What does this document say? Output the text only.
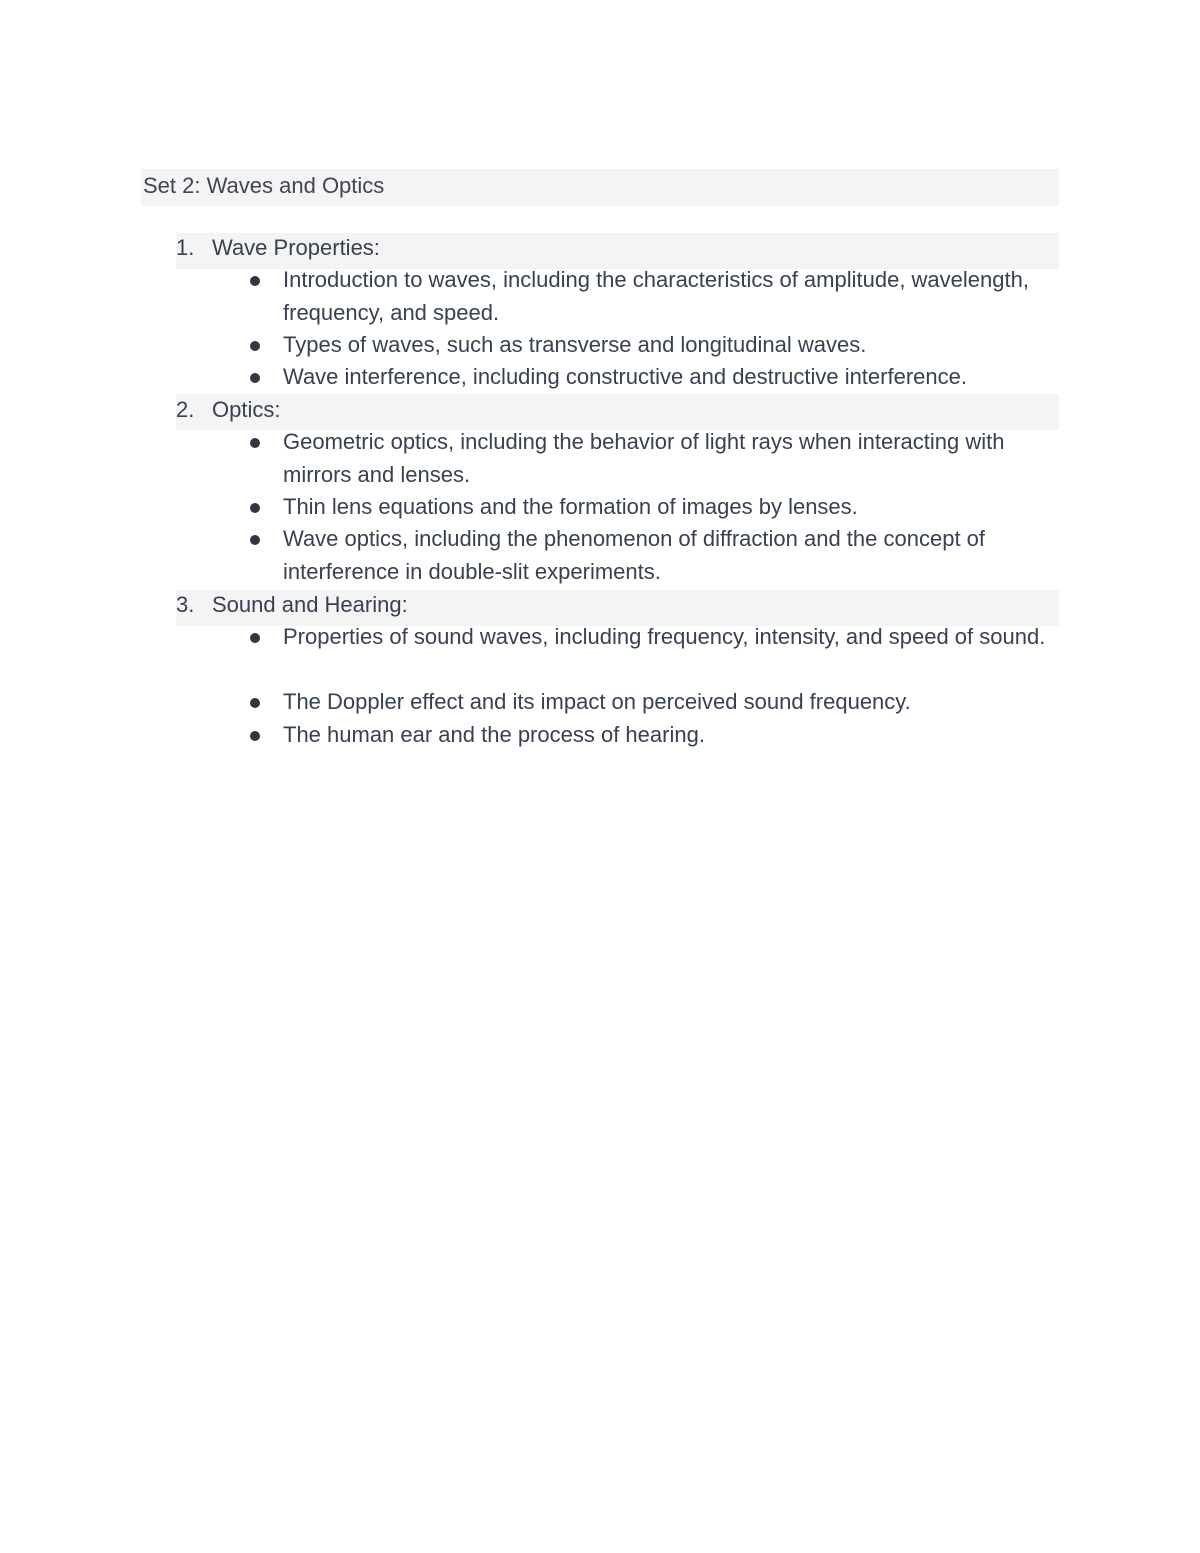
Set 2: Waves and Optics
1. Wave Properties:
Introduction to waves, including the characteristics of amplitude, wavelength, frequency, and speed.
Types of waves, such as transverse and longitudinal waves.
Wave interference, including constructive and destructive interference.
2. Optics:
Geometric optics, including the behavior of light rays when interacting with mirrors and lenses.
Thin lens equations and the formation of images by lenses.
Wave optics, including the phenomenon of diffraction and the concept of interference in double-slit experiments.
3. Sound and Hearing:
Properties of sound waves, including frequency, intensity, and speed of sound.
The Doppler effect and its impact on perceived sound frequency.
The human ear and the process of hearing.
